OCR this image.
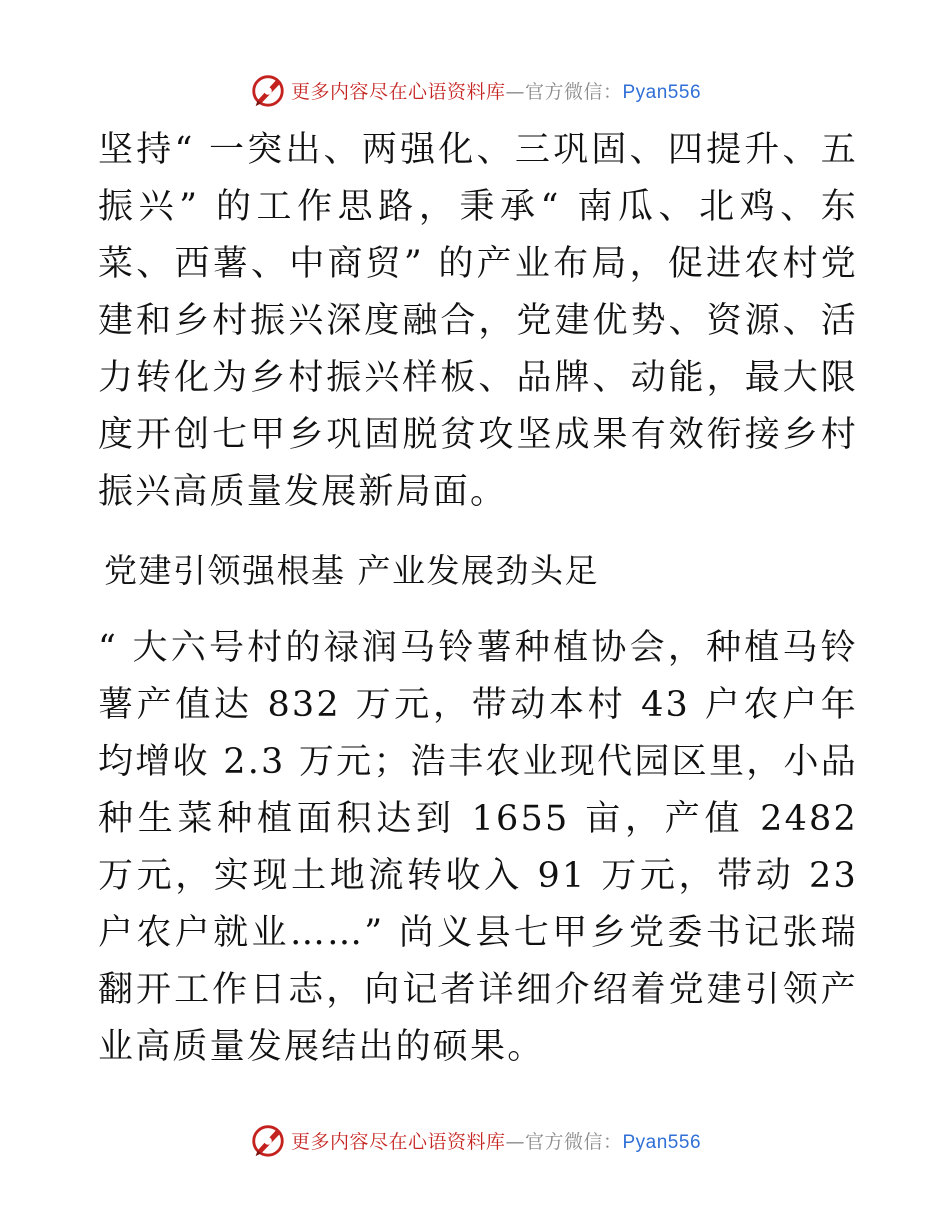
更多内容尽在心语资料库—官方微信：Pyan556

坚持“ 一突出、两强化、三巩固、四提升、五振兴” 的工作思路，秉承“ 南瓜、北鸡、东菜、西薯、中商贸” 的产业布局，促进农村党建和乡村振兴深度融合，党建优势、资源、活力转化为乡村振兴样板、品牌、动能，最大限度开创七甲乡巩固脱贫攻坚成果有效衔接乡村振兴高质量发展新局面。

党建引领强根基 产业发展劲头足

“ 大六号村的禄润马铃薯种植协会，种植马铃薯产值达 832 万元，带动本村 43 户农户年均增收 2.3 万元；浩丰农业现代园区里，小品种生菜种植面积达到 1655 亩，产值 2482 万元，实现土地流转收入 91 万元，带动 23 户农户就业……” 尚义县七甲乡党委书记张瑞翻开工作日志，向记者详细介绍着党建引领产业高质量发展结出的硕果。

更多内容尽在心语资料库—官方微信：Pyan556
